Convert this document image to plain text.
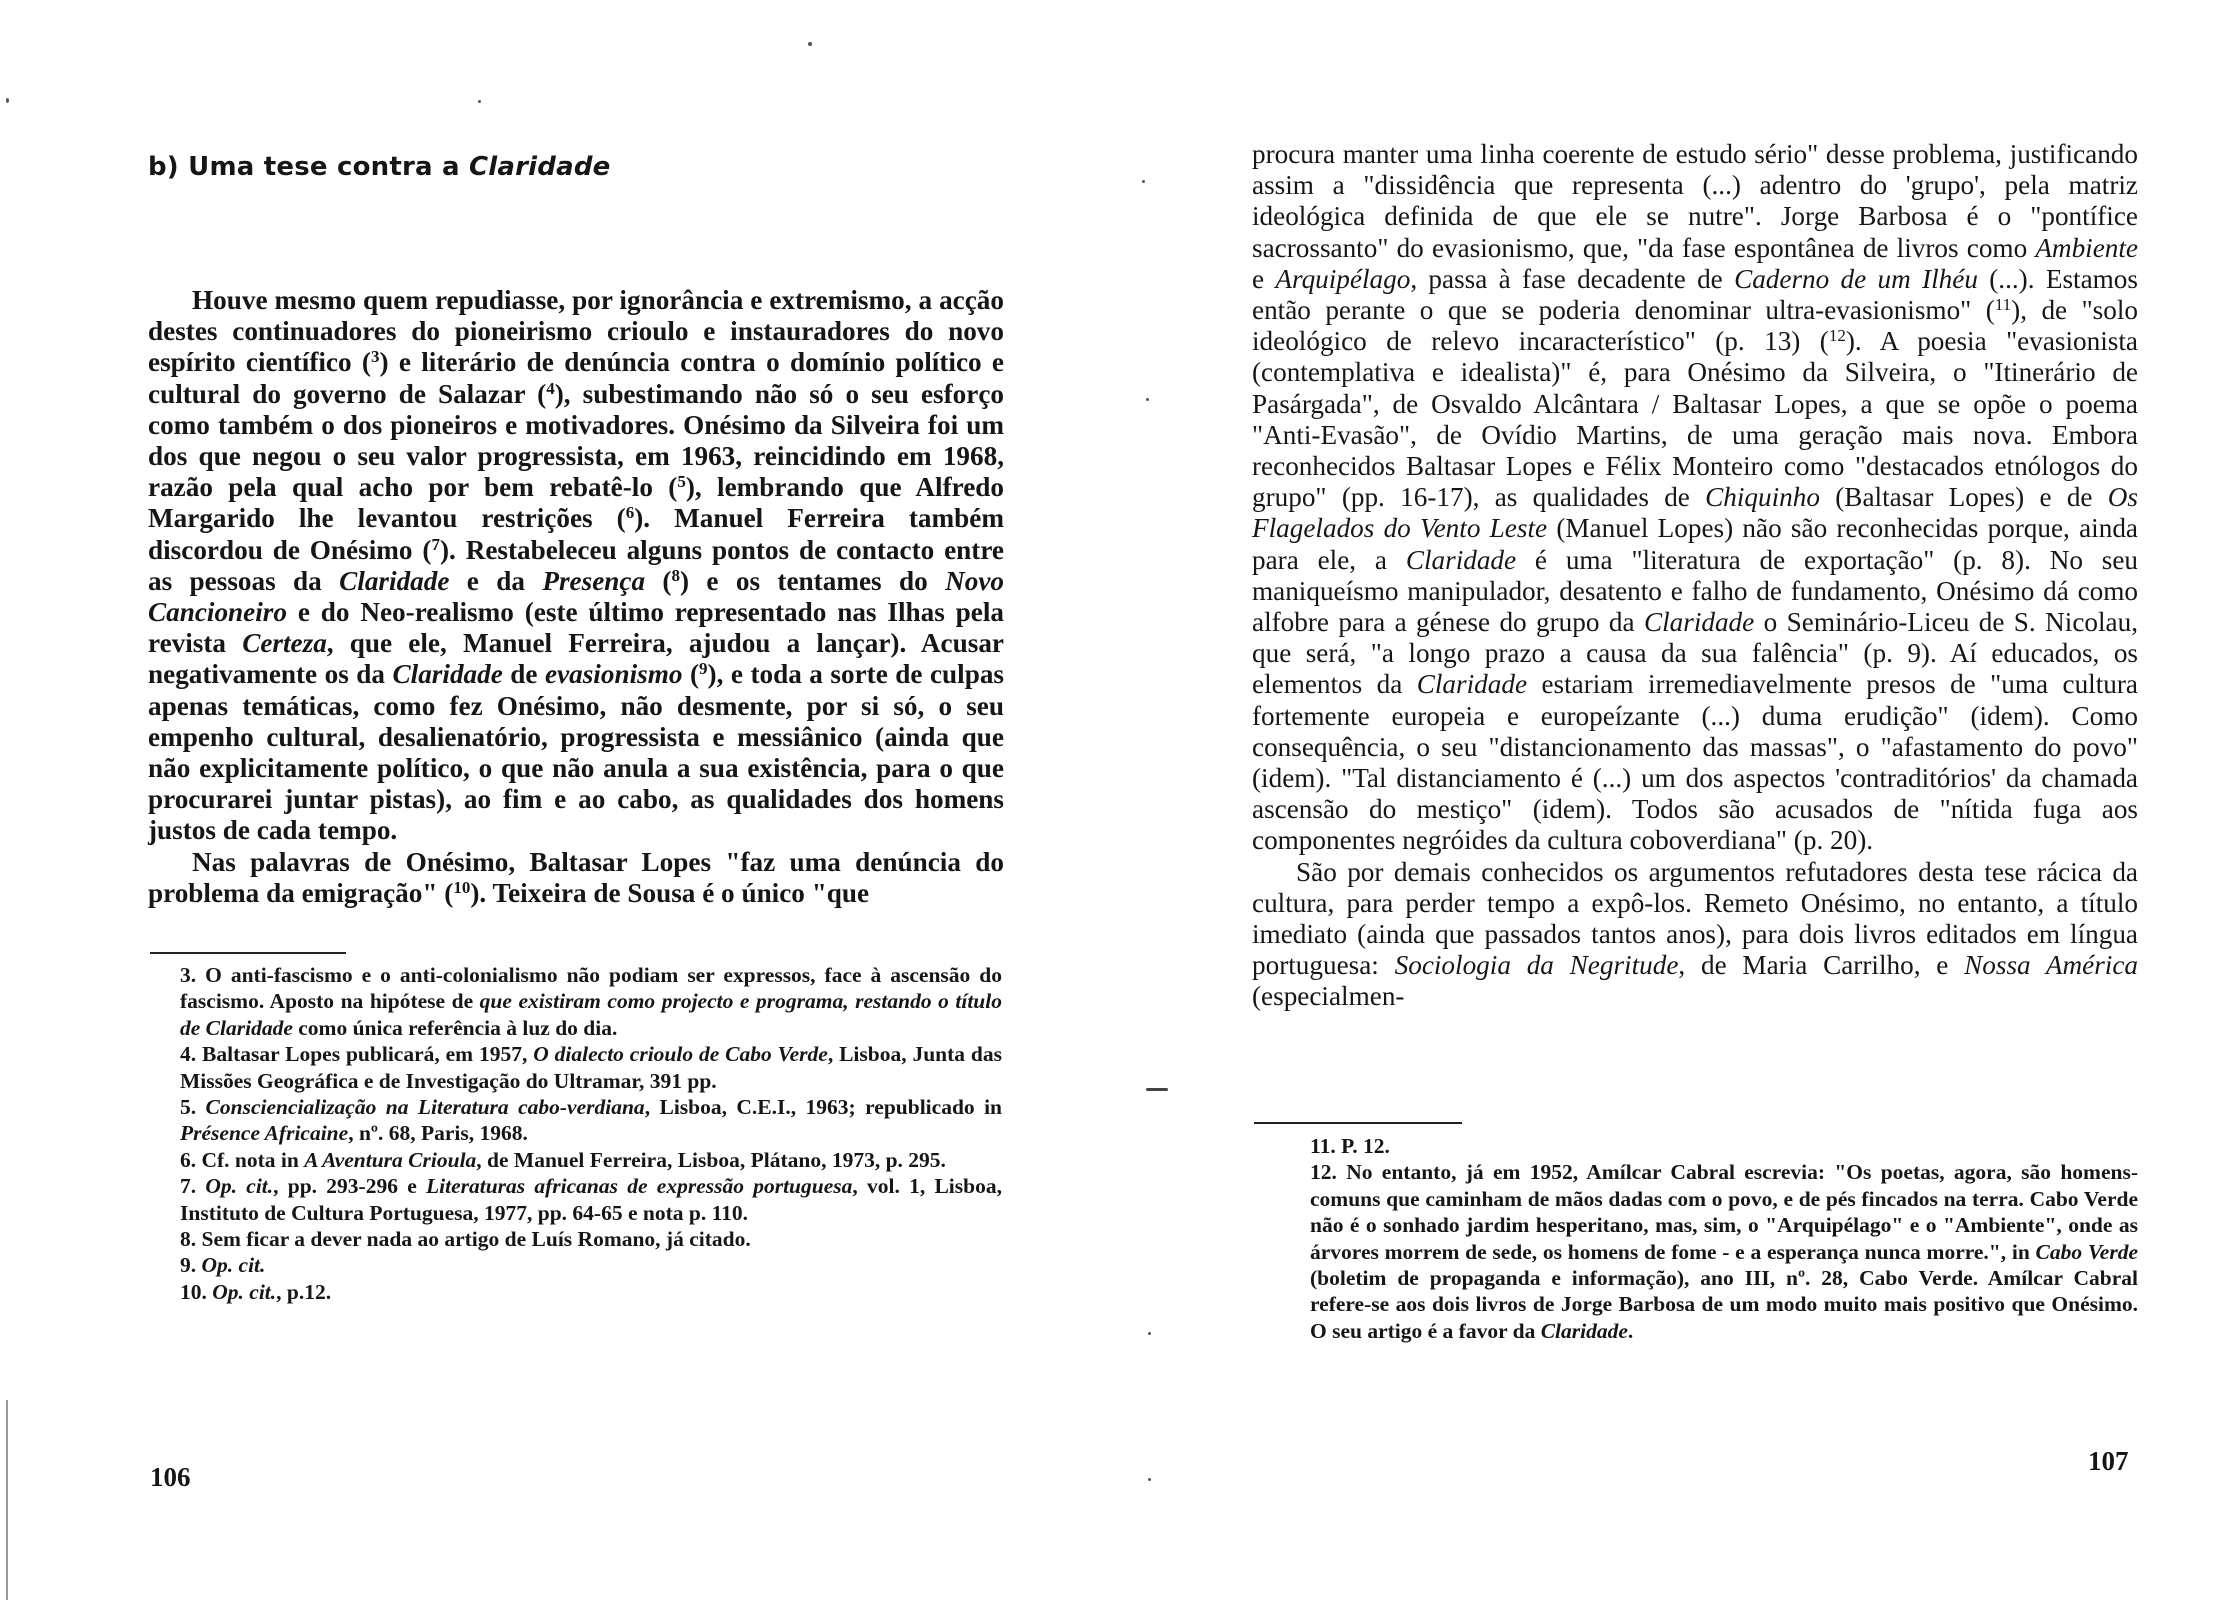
b) Uma tese contra a Claridade

Houve mesmo quem repudiasse, por ignorância e extremismo, a acção destes continuadores do pioneirismo crioulo e instauradores do novo espírito científico ($^3$) e literário de denúncia contra o domínio político e cultural do governo de Salazar ($^4$), subestimando não só o seu esforço como também o dos pioneiros e motivadores. Onésimo da Silveira foi um dos que negou o seu valor progressista, em 1963, reincidindo em 1968, razão pela qual acho por bem rebatê-lo ($^5$), lembrando que Alfredo Margarido lhe levantou restrições ($^6$). Manuel Ferreira também discordou de Onésimo ($^7$). Restabeleceu alguns pontos de contacto entre as pessoas da Claridade e da Presença ($^8$) e os tentames do Novo Cancioneiro e do Neo-realismo (este último representado nas Ilhas pela revista Certeza, que ele, Manuel Ferreira, ajudou a lançar). Acusar negativamente os da Claridade de evasionismo ($^9$), e toda a sorte de culpas apenas temáticas, como fez Onésimo, não desmente, por si só, o seu empenho cultural, desalienatório, progressista e messiânico (ainda que não explicitamente político, o que não anula a sua existência, para o que procurarei juntar pistas), ao fim e ao cabo, as qualidades dos homens justos de cada tempo.

Nas palavras de Onésimo, Baltasar Lopes "faz uma denúncia do problema da emigração" ($^{10}$). Teixeira de Sousa é o único "que

3. O anti-fascismo e o anti-colonialismo não podiam ser expressos, face à ascensão do fascismo. Aposto na hipótese de que existiram como projecto e programa, restando o título de Claridade como única referência à luz do dia.

4. Baltasar Lopes publicará, em 1957, O dialecto crioulo de Cabo Verde, Lisboa, Junta das Missões Geográfica e de Investigação do Ultramar, 391 pp.

5. Consciencialização na Literatura cabo-verdiana, Lisboa, C.E.I., 1963; republicado in Présence Africaine, nº. 68, Paris, 1968.

6. Cf. nota in A Aventura Crioula, de Manuel Ferreira, Lisboa, Plátano, 1973, p. 295.

7. Op. cit., pp. 293-296 e Literaturas africanas de expressão portuguesa, vol. 1, Lisboa, Instituto de Cultura Portuguesa, 1977, pp. 64-65 e nota p. 110.

8. Sem ficar a dever nada ao artigo de Luís Romano, já citado.

9. Op. cit.

10. Op. cit., p.12.

106

procura manter uma linha coerente de estudo sério" desse problema, justificando assim a "dissidência que representa (...) adentro do 'grupo', pela matriz ideológica definida de que ele se nutre". Jorge Barbosa é o "pontífice sacrossanto" do evasionismo, que, "da fase espontânea de livros como Ambiente e Arquipélago, passa à fase decadente de Caderno de um Ilhéu (...). Estamos então perante o que se poderia denominar ultra-evasionismo" ($^{11}$), de "solo ideológico de relevo incaracterístico" (p. 13) ($^{12}$). A poesia "evasionista (contemplativa e idealista)" é, para Onésimo da Silveira, o "Itinerário de Pasárgada", de Osvaldo Alcântara / Baltasar Lopes, a que se opõe o poema "Anti-Evasão", de Ovídio Martins, de uma geração mais nova. Embora reconhecidos Baltasar Lopes e Félix Monteiro como "destacados etnólogos do grupo" (pp. 16-17), as qualidades de Chiquinho (Baltasar Lopes) e de Os Flagelados do Vento Leste (Manuel Lopes) não são reconhecidas porque, ainda para ele, a Claridade é uma "literatura de exportação" (p. 8). No seu maniqueísmo manipulador, desatento e falho de fundamento, Onésimo dá como alfobre para a génese do grupo da Claridade o Seminário-Liceu de S. Nicolau, que será, "a longo prazo a causa da sua falência" (p. 9). Aí educados, os elementos da Claridade estariam irremediavelmente presos de "uma cultura fortemente europeia e europeízante (...) duma erudição" (idem). Como consequência, o seu "distancionamento das massas", o "afastamento do povo" (idem). "Tal distanciamento é (...) um dos aspectos 'contraditórios' da chamada ascensão do mestiço" (idem). Todos são acusados de "nítida fuga aos componentes negróides da cultura coboverdiana" (p. 20).

São por demais conhecidos os argumentos refutadores desta tese rácica da cultura, para perder tempo a expô-los. Remeto Onésimo, no entanto, a título imediato (ainda que passados tantos anos), para dois livros editados em língua portuguesa: Sociologia da Negritude, de Maria Carrilho, e Nossa América (especialmen-

11. P. 12.

12. No entanto, já em 1952, Amílcar Cabral escrevia: "Os poetas, agora, são homens-comuns que caminham de mãos dadas com o povo, e de pés fincados na terra. Cabo Verde não é o sonhado jardim hesperitano, mas, sim, o "Arquipélago" e o "Ambiente", onde as árvores morrem de sede, os homens de fome - e a esperança nunca morre.", in Cabo Verde (boletim de propaganda e informação), ano III, nº. 28, Cabo Verde. Amílcar Cabral refere-se aos dois livros de Jorge Barbosa de um modo muito mais positivo que Onésimo. O seu artigo é a favor da Claridade.

107
